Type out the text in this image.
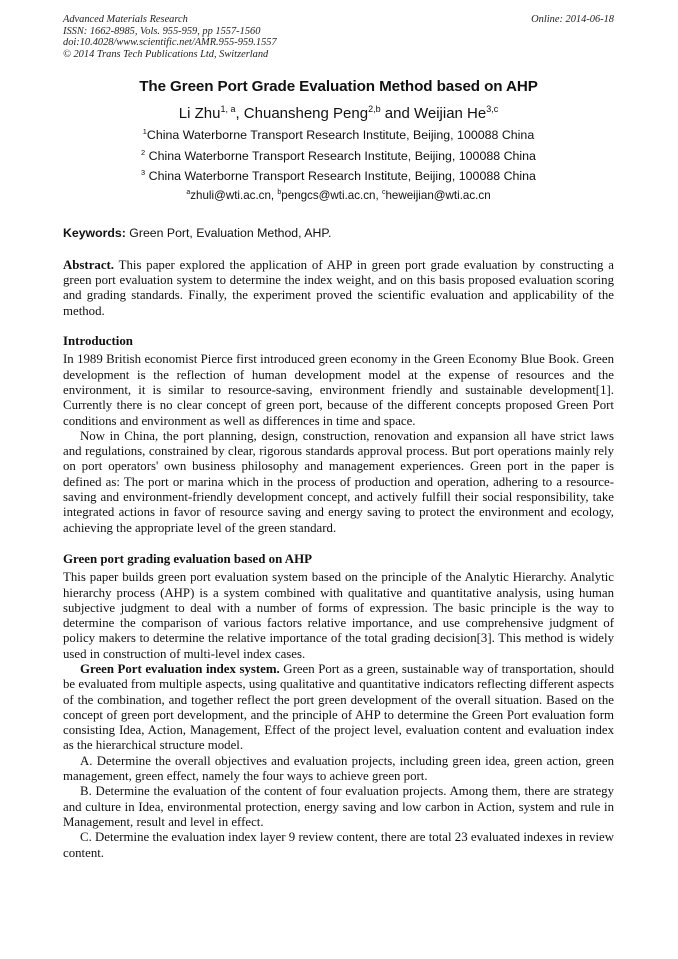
Advanced Materials Research
ISSN: 1662-8985, Vols. 955-959, pp 1557-1560
doi:10.4028/www.scientific.net/AMR.955-959.1557
© 2014 Trans Tech Publications Ltd, Switzerland
Online: 2014-06-18
The Green Port Grade Evaluation Method based on AHP
Li Zhu$^{1, a}$, Chuansheng Peng$^{2,b}$ and Weijian He$^{3,c}$
$^1$China Waterborne Transport Research Institute, Beijing, 100088 China
$^2$ China Waterborne Transport Research Institute, Beijing, 100088 China
$^3$ China Waterborne Transport Research Institute, Beijing, 100088 China
$^a$zhuli@wti.ac.cn, $^b$pengcs@wti.ac.cn, $^c$heweijian@wti.ac.cn
Keywords: Green Port, Evaluation Method, AHP.

Abstract. This paper explored the application of AHP in green port grade evaluation by constructing a green port evaluation system to determine the index weight, and on this basis proposed evaluation scoring and grading standards. Finally, the experiment proved the scientific evaluation and applicability of the method.

Introduction

In 1989 British economist Pierce first introduced green economy in the Green Economy Blue Book. Green development is the reflection of human development model at the expense of resources and the environment, it is similar to resource-saving, environment friendly and sustainable development[1]. Currently there is no clear concept of green port, because of the different concepts proposed Green Port conditions and environment as well as differences in time and space.

Now in China, the port planning, design, construction, renovation and expansion all have strict laws and regulations, constrained by clear, rigorous standards approval process. But port operations mainly rely on port operators' own business philosophy and management experiences. Green port in the paper is defined as: The port or marina which in the process of production and operation, adhering to a resource-saving and environment-friendly development concept, and actively fulfill their social responsibility, take integrated actions in favor of resource saving and energy saving to protect the environment and ecology, achieving the appropriate level of the green standard.

Green port grading evaluation based on AHP

This paper builds green port evaluation system based on the principle of the Analytic Hierarchy. Analytic hierarchy process (AHP) is a system combined with qualitative and quantitative analysis, using human subjective judgment to deal with a number of forms of expression. The basic principle is the way to determine the comparison of various factors relative importance, and use comprehensive judgment of policy makers to determine the relative importance of the total grading decision[3]. This method is widely used in construction of multi-level index cases.

Green Port evaluation index system. Green Port as a green, sustainable way of transportation, should be evaluated from multiple aspects, using qualitative and quantitative indicators reflecting different aspects of the combination, and together reflect the port green development of the overall situation. Based on the concept of green port development, and the principle of AHP to determine the Green Port evaluation form consisting Idea, Action, Management, Effect of the project level, evaluation content and evaluation index as the hierarchical structure model.

A. Determine the overall objectives and evaluation projects, including green idea, green action, green management, green effect, namely the four ways to achieve green port.

B. Determine the evaluation of the content of four evaluation projects. Among them, there are strategy and culture in Idea, environmental protection, energy saving and low carbon in Action, system and rule in Management, result and level in effect.

C. Determine the evaluation index layer 9 review content, there are total 23 evaluated indexes in review content.
